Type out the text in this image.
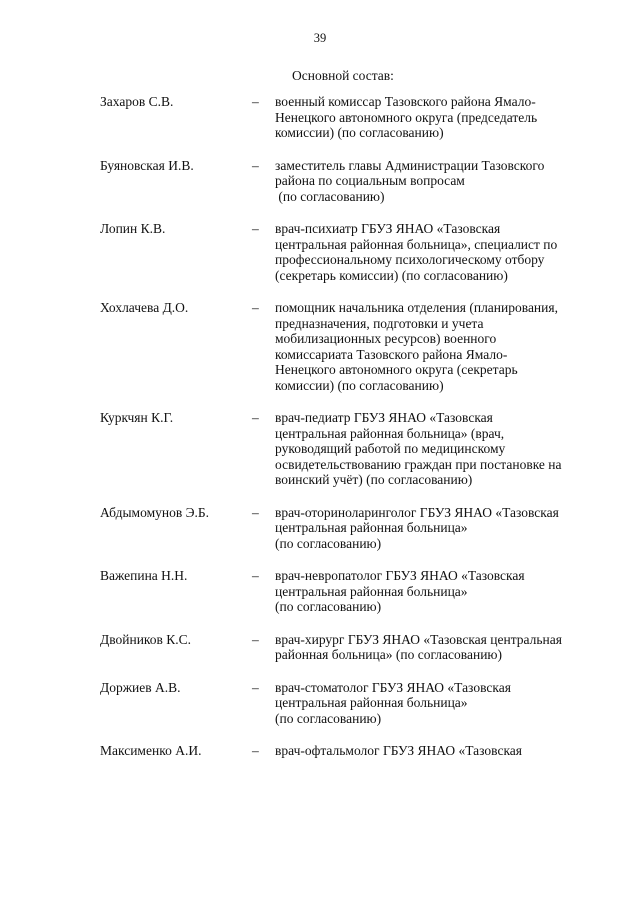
39
Основной состав:
Захаров С.В.	– военный комиссар Тазовского района Ямало-
Ненецкого автономного округа (председатель
комиссии) (по согласованию)
Буяновская И.В.	– заместитель главы Администрации Тазовского
района по социальным вопросам
(по согласованию)
Лопин К.В.	– врач-психиатр ГБУЗ ЯНАО «Тазовская
центральная районная больница», специалист по
профессиональному психологическому отбору
(секретарь комиссии) (по согласованию)
Хохлачева Д.О.	– помощник начальника отделения (планирования,
предназначения, подготовки и учета
мобилизационных ресурсов) военного
комиссариата Тазовского района Ямало-
Ненецкого автономного округа (секретарь
комиссии) (по согласованию)
Куркчян К.Г.	– врач-педиатр ГБУЗ ЯНАО «Тазовская
центральная районная больница» (врач,
руководящий работой по медицинскому
освидетельствованию граждан при постановке на
воинский учёт) (по согласованию)
Абдымомунов Э.Б.	– врач-оториноларинголог ГБУЗ ЯНАО «Тазовская
центральная районная больница»
(по согласованию)
Важепина Н.Н.	– врач-невропатолог ГБУЗ ЯНАО «Тазовская
центральная районная больница»
(по согласованию)
Двойников К.С.	– врач-хирург ГБУЗ ЯНАО «Тазовская центральная
районная больница» (по согласованию)
Доржиев А.В.	– врач-стоматолог ГБУЗ ЯНАО «Тазовская
центральная районная больница»
(по согласованию)
Максименко А.И.	– врач-офтальмолог ГБУЗ ЯНАО «Тазовская
